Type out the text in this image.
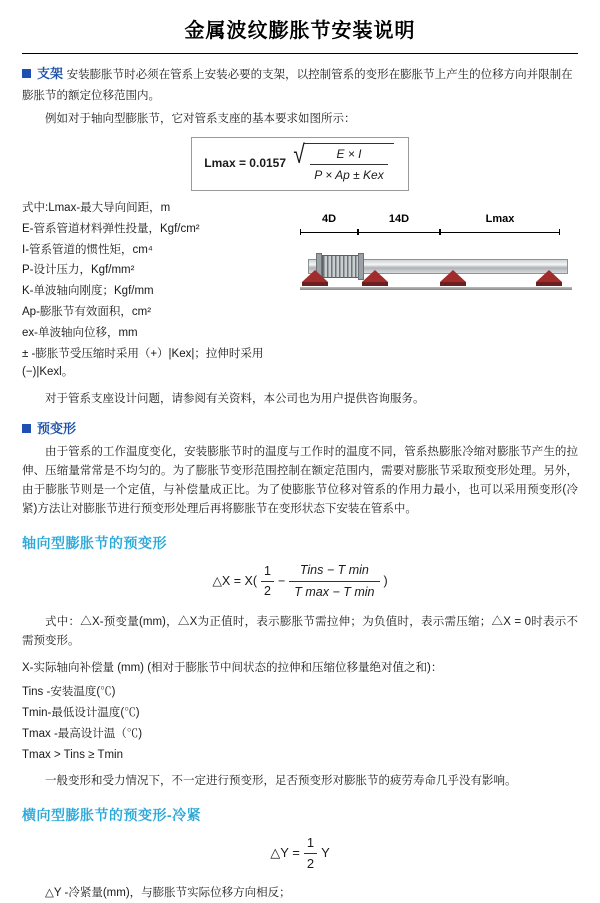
金属波纹膨胀节安装说明
支架 安装膨胀节时必须在管系上安装必要的支架，以控制管系的变形在膨胀节上产生的位移方向并限制在膨胀节的额定位移范围内。

例如对于轴向型膨胀节，它对管系支座的基本要求如图所示：

Lmax = 0.0157 √ $\frac{E \times I}{\text{P × Ap ± Kex}}$
式中:Lmax-最大导向间距，m
E-管系管道材料弹性投量，Kgf/cm²
I-管系管道的惯性矩，cm⁴
P-设计压力，Kgf/mm²
K-单波轴向刚度；Kgf/mm
Ap-膨胀节有效面积，cm²
ex-单波轴向位移，mm
± -膨胀节受压缩时采用（+）|Kex|；拉伸时采用(−)|Kexl。
4D	14D	Lmax

对于管系支座设计问题，请参阅有关资料，本公司也为用户提供咨询服务。

预变形

由于管系的工作温度变化，安装膨胀节时的温度与工作时的温度不同，管系热膨胀冷缩对膨胀节产生的拉伸、压缩量常常是不均匀的。为了膨胀节变形范围控制在额定范围内，需要对膨胀节采取预变形处理。另外，由于膨胀节则是一个定值，与补偿量成正比。为了使膨胀节位移对管系的作用力最小，也可以采用预变形(冷紧)方法让对膨胀节进行预变形处理后再将膨胀节在变形状态下安装在管系中。

轴向型膨胀节的预变形
△X = $X( \frac{1}{2}$ −
Tins − T min
T max − T min
)

式中：△X-预变量(mm)，△X为正值时，表示膨胀节需拉伸；为负值时，表示需压缩；△X = 0时表示不需预变形。

X-实际轴向补偿量 (mm) (相对于膨胀节中间状态的拉伸和压缩位移量绝对值之和)：
Tins -安装温度(℃)
Tmin-最低设计温度(℃)
Tmax -最高设计温（℃)
Tmax > Tins ≥ Tmin

一般变形和受力情况下，不一定进行预变形，足否预变形对膨胀节的疲劳寿命几乎没有影响。

横向型膨胀节的预变形-冷紧
△Y = $\frac{1}{2}$ Y

△Y -冷紧量(mm)，与膨胀节实际位移方向相反；
